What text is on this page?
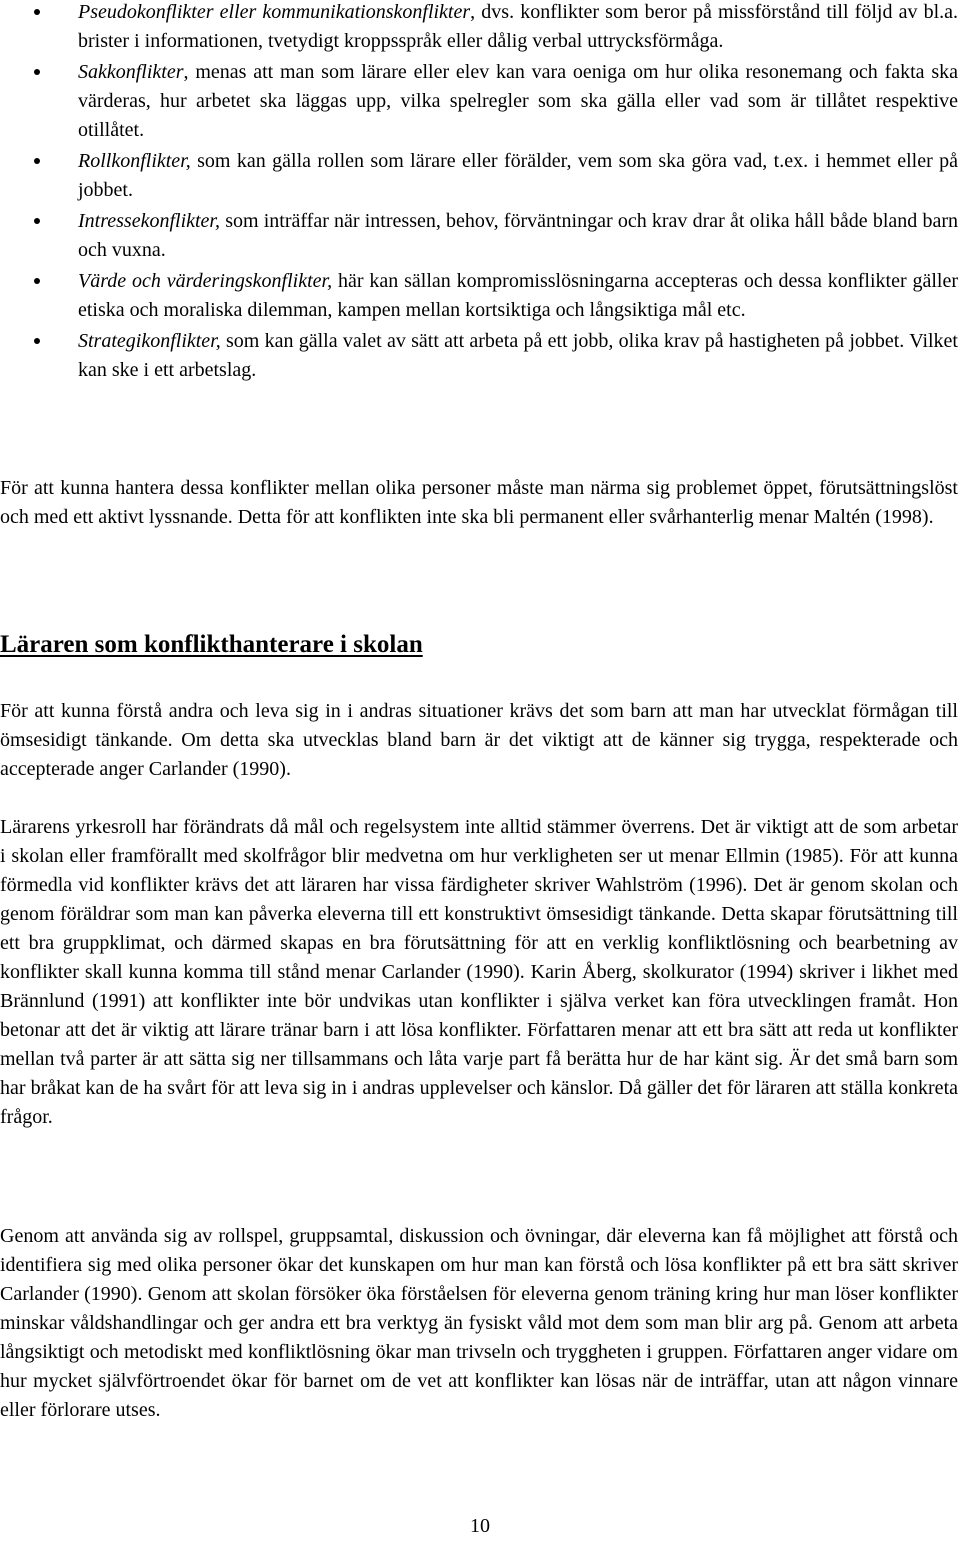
Pseudokonflikter eller kommunikationskonflikter, dvs. konflikter som beror på missförstånd till följd av bl.a. brister i informationen, tvetydigt kroppsspråk eller dålig verbal uttrycksförmåga.
Sakkonflikter, menas att man som lärare eller elev kan vara oeniga om hur olika resonemang och fakta ska värderas, hur arbetet ska läggas upp, vilka spelregler som ska gälla eller vad som är tillåtet respektive otillåtet.
Rollkonflikter, som kan gälla rollen som lärare eller förälder, vem som ska göra vad, t.ex. i hemmet eller på jobbet.
Intressekonflikter, som inträffar när intressen, behov, förväntningar och krav drar åt olika håll både bland barn och vuxna.
Värde och värderingskonflikter, här kan sällan kompromisslösningarna accepteras och dessa konflikter gäller etiska och moraliska dilemman, kampen mellan kortsiktiga och långsiktiga mål etc.
Strategikonflikter, som kan gälla valet av sätt att arbeta på ett jobb, olika krav på hastigheten på jobbet. Vilket kan ske i ett arbetslag.

För att kunna hantera dessa konflikter mellan olika personer måste man närma sig problemet öppet, förutsättningslöst och med ett aktivt lyssnande. Detta för att konflikten inte ska bli permanent eller svårhanterlig menar Maltén (1998).

Läraren som konflikthanterare i skolan

För att kunna förstå andra och leva sig in i andras situationer krävs det som barn att man har utvecklat förmågan till ömsesidigt tänkande. Om detta ska utvecklas bland barn är det viktigt att de känner sig trygga, respekterade och accepterade anger Carlander (1990).

Lärarens yrkesroll har förändrats då mål och regelsystem inte alltid stämmer överrens. Det är viktigt att de som arbetar i skolan eller framförallt med skolfrågor blir medvetna om hur verkligheten ser ut menar Ellmin (1985). För att kunna förmedla vid konflikter krävs det att läraren har vissa färdigheter skriver Wahlström (1996). Det är genom skolan och genom föräldrar som man kan påverka eleverna till ett konstruktivt ömsesidigt tänkande. Detta skapar förutsättning till ett bra gruppklimat, och därmed skapas en bra förutsättning för att en verklig konfliktlösning och bearbetning av konflikter skall kunna komma till stånd menar Carlander (1990). Karin Åberg, skolkurator (1994) skriver i likhet med Brännlund (1991) att konflikter inte bör undvikas utan konflikter i själva verket kan föra utvecklingen framåt. Hon betonar att det är viktig att lärare tränar barn i att lösa konflikter. Författaren menar att ett bra sätt att reda ut konflikter mellan två parter är att sätta sig ner tillsammans och låta varje part få berätta hur de har känt sig. Är det små barn som har bråkat kan de ha svårt för att leva sig in i andras upplevelser och känslor. Då gäller det för läraren att ställa konkreta frågor.

Genom att använda sig av rollspel, gruppsamtal, diskussion och övningar, där eleverna kan få möjlighet att förstå och identifiera sig med olika personer ökar det kunskapen om hur man kan förstå och lösa konflikter på ett bra sätt skriver Carlander (1990). Genom att skolan försöker öka förståelsen för eleverna genom träning kring hur man löser konflikter minskar våldshandlingar och ger andra ett bra verktyg än fysiskt våld mot dem som man blir arg på. Genom att arbeta långsiktigt och metodiskt med konfliktlösning ökar man trivseln och tryggheten i gruppen. Författaren anger vidare om hur mycket självförtroendet ökar för barnet om de vet att konflikter kan lösas när de inträffar, utan att någon vinnare eller förlorare utses.

10
